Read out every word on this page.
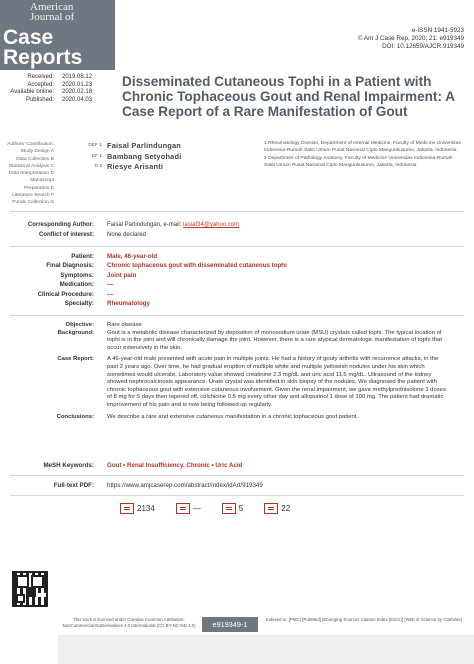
American
Journal of
Case
Reports
e-ISSN 1941-5923
© Am J Case Rep, 2020; 21: e919349
DOI: 10.12659/AJCR.919349
Received:	2019.08.12
Accepted:	2020.01.23
Available online:	2020.02.18
Published:	2020.04.03
Disseminated Cutaneous Tophi in a Patient with Chronic Tophaceous Gout and Renal Impairment: A Case Report of a Rare Manifestation of Gout
Authors' Contribution:
Study Design A
Data Collection B
Statistical Analysis C
Data Interpretation D
Manuscript Preparation E
Literature Search F
Funds Collection G
DEF 1 Faisal Parlindungan
EF 1 Bambang Setyohadi
D 2 Riesye Arisanti

1 Rheumatology Division, Department of Internal Medicine, Faculty of Medicine Universitas Indonesia-Rumah Sakit Umum Pusat Nasional Cipto Mangunkusumo, Jakarta, Indonesia

2 Department of Pathology Anatomy, Faculty of Medicine Universitas Indonesia-Rumah Sakit Umum Pusat Nasional Cipto Mangunkusumo, Jakarta, Indonesia

Corresponding Author:	Faisal Parlindungan, e-mail: lasiaf34@yahoo.com
Conflict of interest:	None declared
Patient:	Male, 46-year-old
Final Diagnosis:	Chronic tophaceous gout with disseminated cutaneous tophi
Symptoms:	Joint pain
Medication:	—
Clinical Procedure:	—
Specialty:	Rheumatology
Objective:	Rare disease
Background:	Gout is a metabolic disease characterized by deposition of monosodium urate (MSU) crystals called tophi. The typical location of tophi is in the joint and will chronically damage the joint. However, there is a rare atypical dermatologic manifestation of tophi that occur extensively in the skin.
Case Report:	A 46-year-old male presented with acute pain in multiple joints. He had a history of gouty arthritis with recurrence attacks, in the past 2 years ago. Over time, he had gradual eruption of multiple white and multiple yellowish nodules under his skin which sometimes would ulcerate. Laboratory value showed creatinine 2.3 mg/dL and uric acid 11.5 mg/dL. Ultrasound of the kidney showed nephrocalcinosis appearance. Urate crystal was identified in skin biopsy of the nodules. We diagnosed the patient with chronic tophaceous gout with extensive cutaneous involvement. Given the renal impairment, we gave methylprednisolone 3 doses of 8 mg for 5 days then tapered off, colchicine 0.5 mg every other day and allopurinol 1 dose of 100 mg. The patient had dramatic improvement of his pain and is now being followed up regularly.
Conclusions:	We describe a rare and extensive cutaneous manifestation in a chronic tophaceous gout patient.
MeSH Keywords:	Gout • Renal Insufficiency, Chronic • Uric Acid
Full-text PDF:	https://www.amjcaserep.com/abstract/index/idArt/919349
2134	—	5	22
This work is licensed under Creative Common Attribution-NonCommercial-NoDerivatives 4.0 International (CC BY-NC-ND 4.0)	e919349-1
Indexed in: [PMC] [PubMed] [Emerging Sources Citation Index (ESCI)] [Web of Science by Clarivate]
